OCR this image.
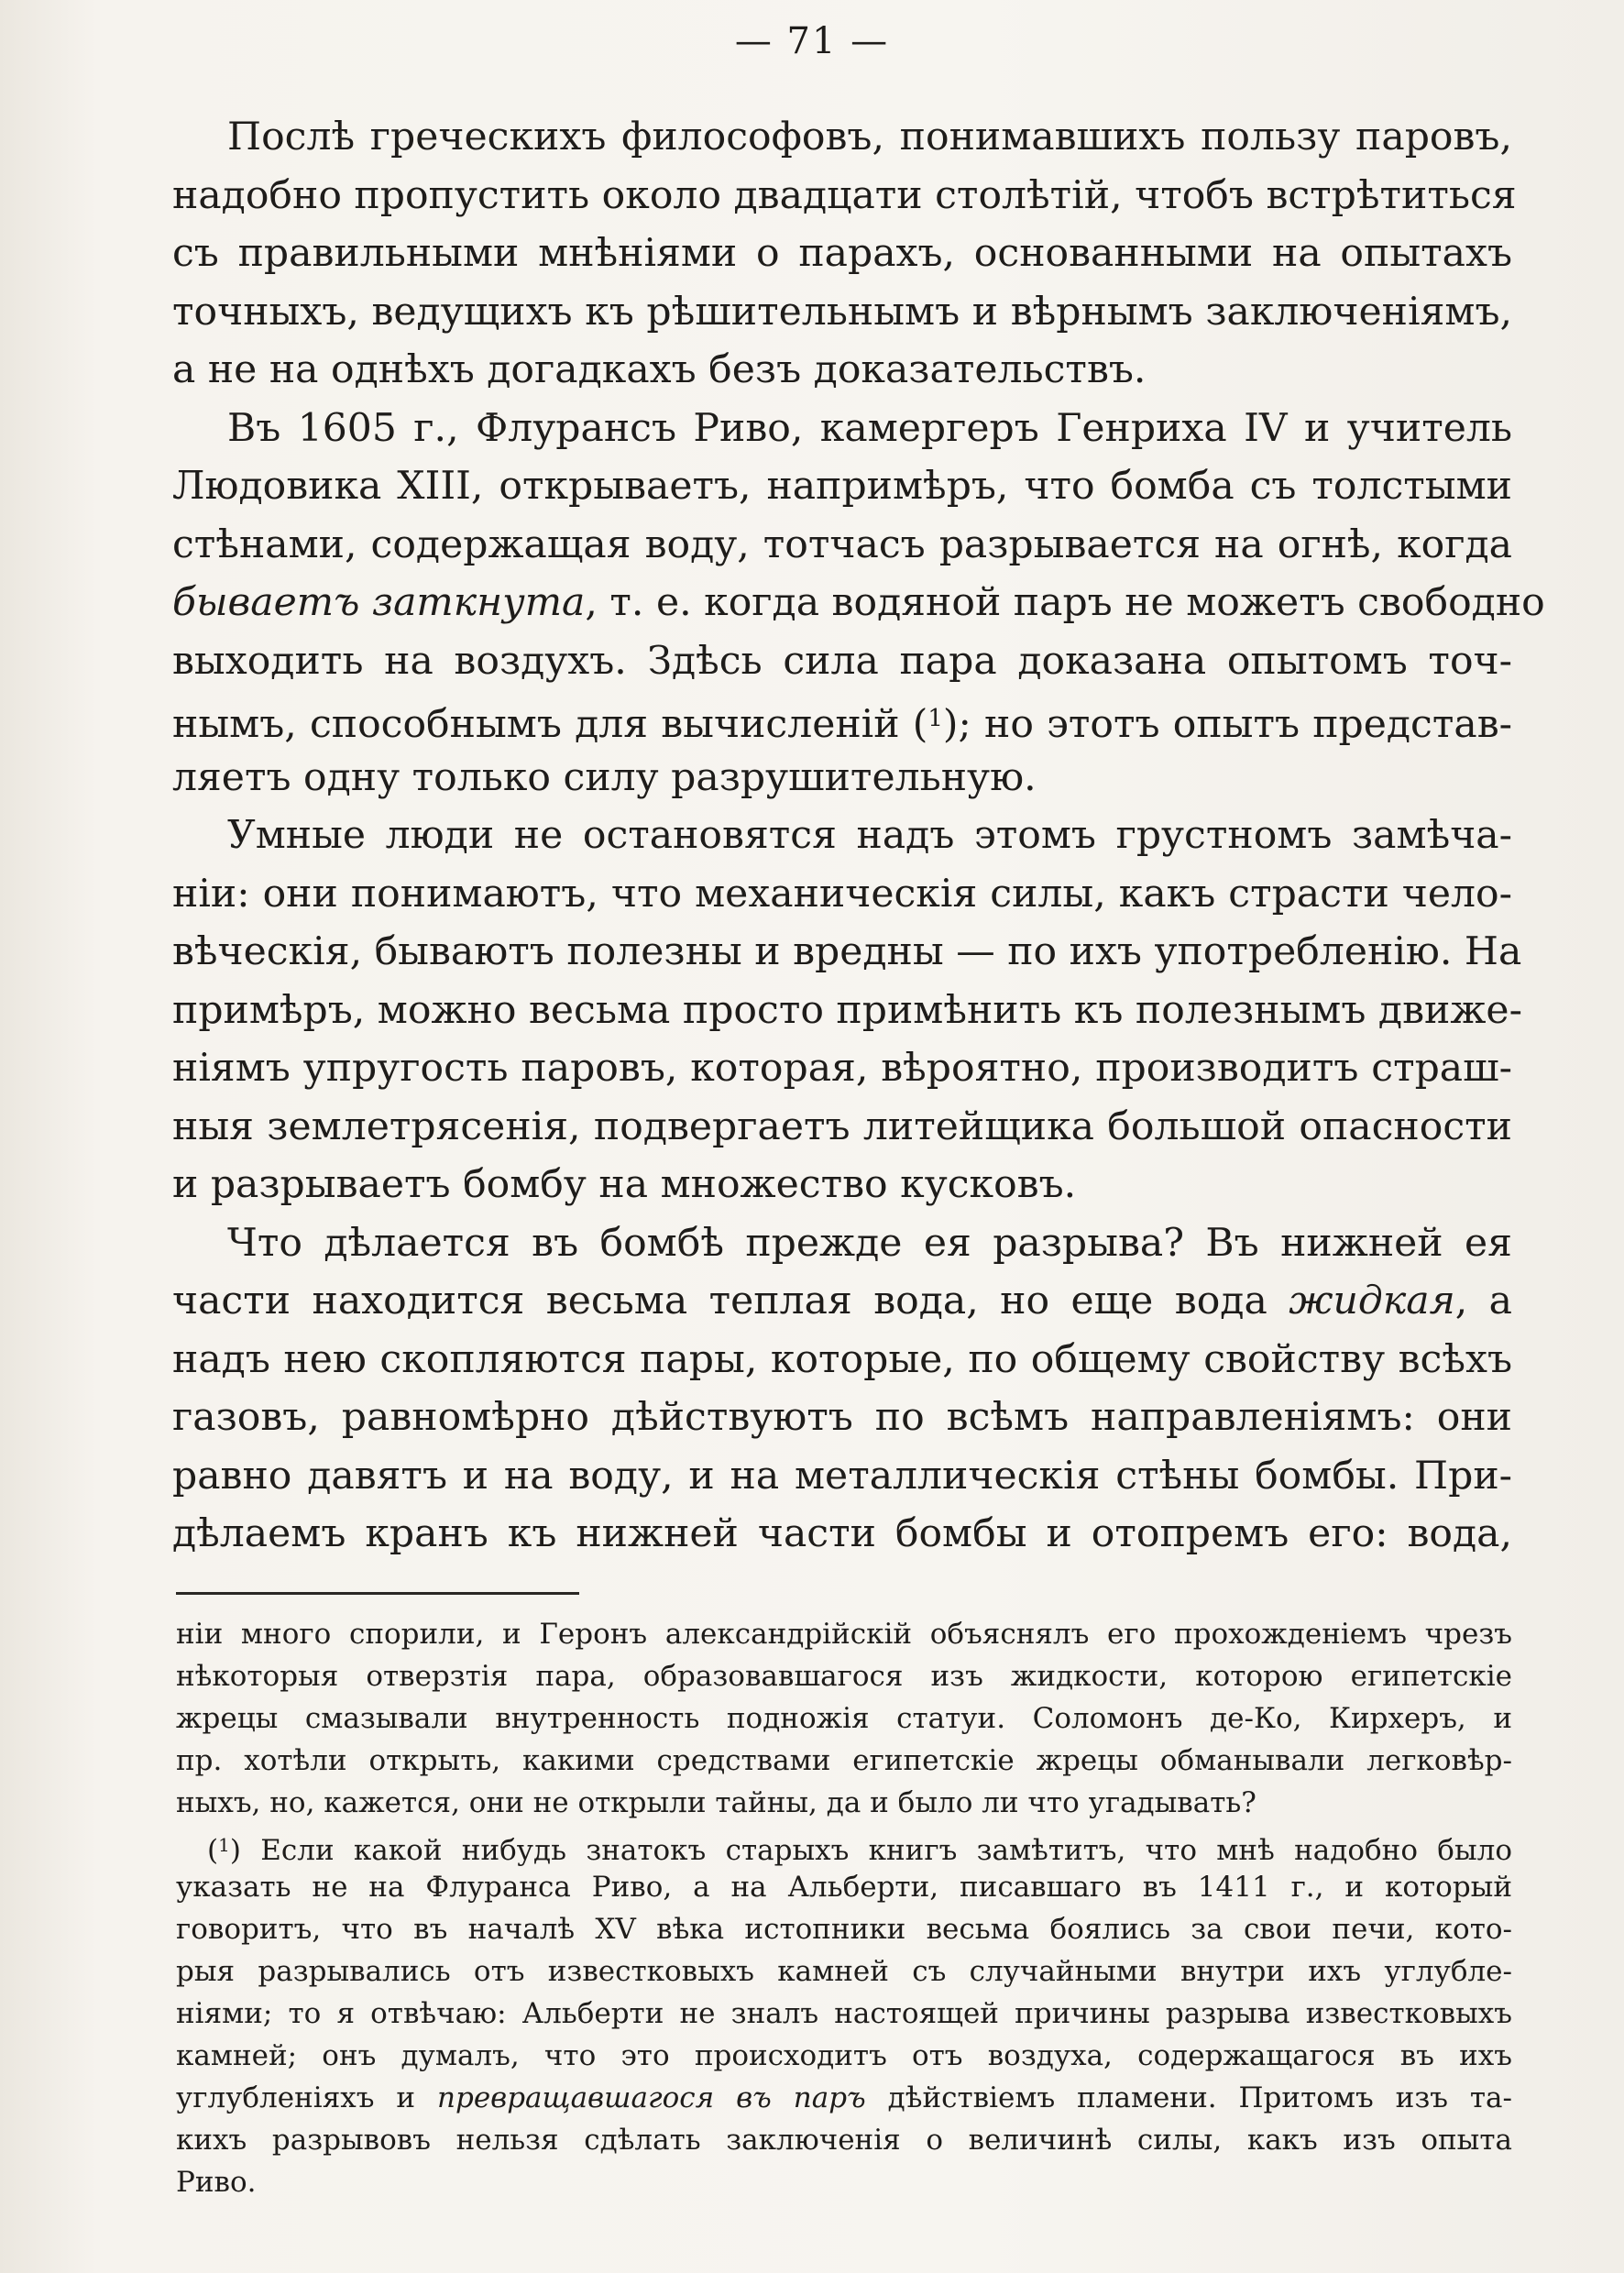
— 71 —
Послѣ греческихъ философовъ, понимавшихъ пользу паровъ,
надобно пропустить около двадцати столѣтій, чтобъ встрѣтиться
съ правильными мнѣніями о парахъ, основанными на опытахъ
точныхъ, ведущихъ къ рѣшительнымъ и вѣрнымъ заключеніямъ,
а не на однѣхъ догадкахъ безъ доказательствъ.
Въ 1605 г., Флурансъ Риво, камергеръ Генриха IV и учитель
Людовика XIII, открываетъ, напримѣръ, что бомба съ толстыми
стѣнами, содержащая воду, тотчасъ разрывается на огнѣ, когда
бываетъ заткнута, т. е. когда водяной паръ не можетъ свободно
выходить на воздухъ. Здѣсь сила пара доказана опытомъ точ-
нымъ, способнымъ для вычисленій ($^1$); но этотъ опытъ представ-
ляетъ одну только силу разрушительную.
Умные люди не остановятся надъ этомъ грустномъ замѣча-
ніи: они понимаютъ, что механическія силы, какъ страсти чело-
вѣческія, бываютъ полезны и вредны — по ихъ употребленію. На
примѣръ, можно весьма просто примѣнить къ полезнымъ движе-
ніямъ упругость паровъ, которая, вѣроятно, производитъ страш-
ныя землетрясенія, подвергаетъ литейщика большой опасности
и разрываетъ бомбу на множество кусковъ.
Что дѣлается въ бомбѣ прежде ея разрыва? Въ нижней ея
части находится весьма теплая вода, но еще вода жидкая, а
надъ нею скопляются пары, которые, по общему свойству всѣхъ
газовъ, равномѣрно дѣйствуютъ по всѣмъ направленіямъ: они
равно давятъ и на воду, и на металлическія стѣны бомбы. При-
дѣлаемъ кранъ къ нижней части бомбы и отопремъ его: вода,
ніи много спорили, и Геронъ александрійскій объяснялъ его прохожденіемъ чрезъ
нѣкоторыя отверзтія пара, образовавшагося изъ жидкости, которою египетскіе
жрецы смазывали внутренность подножія статуи. Соломонъ де-Ко, Кирхеръ, и
пр. хотѣли открыть, какими средствами египетскіе жрецы обманывали легковѣр-
ныхъ, но, кажется, они не открыли тайны, да и было ли что угадывать?
($^1$) Если какой нибудь знатокъ старыхъ книгъ замѣтитъ, что мнѣ надобно было
указать не на Флуранса Риво, а на Альберти, писавшаго въ 1411 г., и который
говоритъ, что въ началѣ XV вѣка истопники весьма боялись за свои печи, кото-
рыя разрывались отъ известковыхъ камней съ случайными внутри ихъ углубле-
ніями; то я отвѣчаю: Альберти не зналъ настоящей причины разрыва известковыхъ
камней; онъ думалъ, что это происходитъ отъ воздуха, содержащагося въ ихъ
углубленіяхъ и превращавшагося въ паръ дѣйствіемъ пламени. Притомъ изъ та-
кихъ разрывовъ нельзя сдѣлать заключенія о величинѣ силы, какъ изъ опыта
Риво.
